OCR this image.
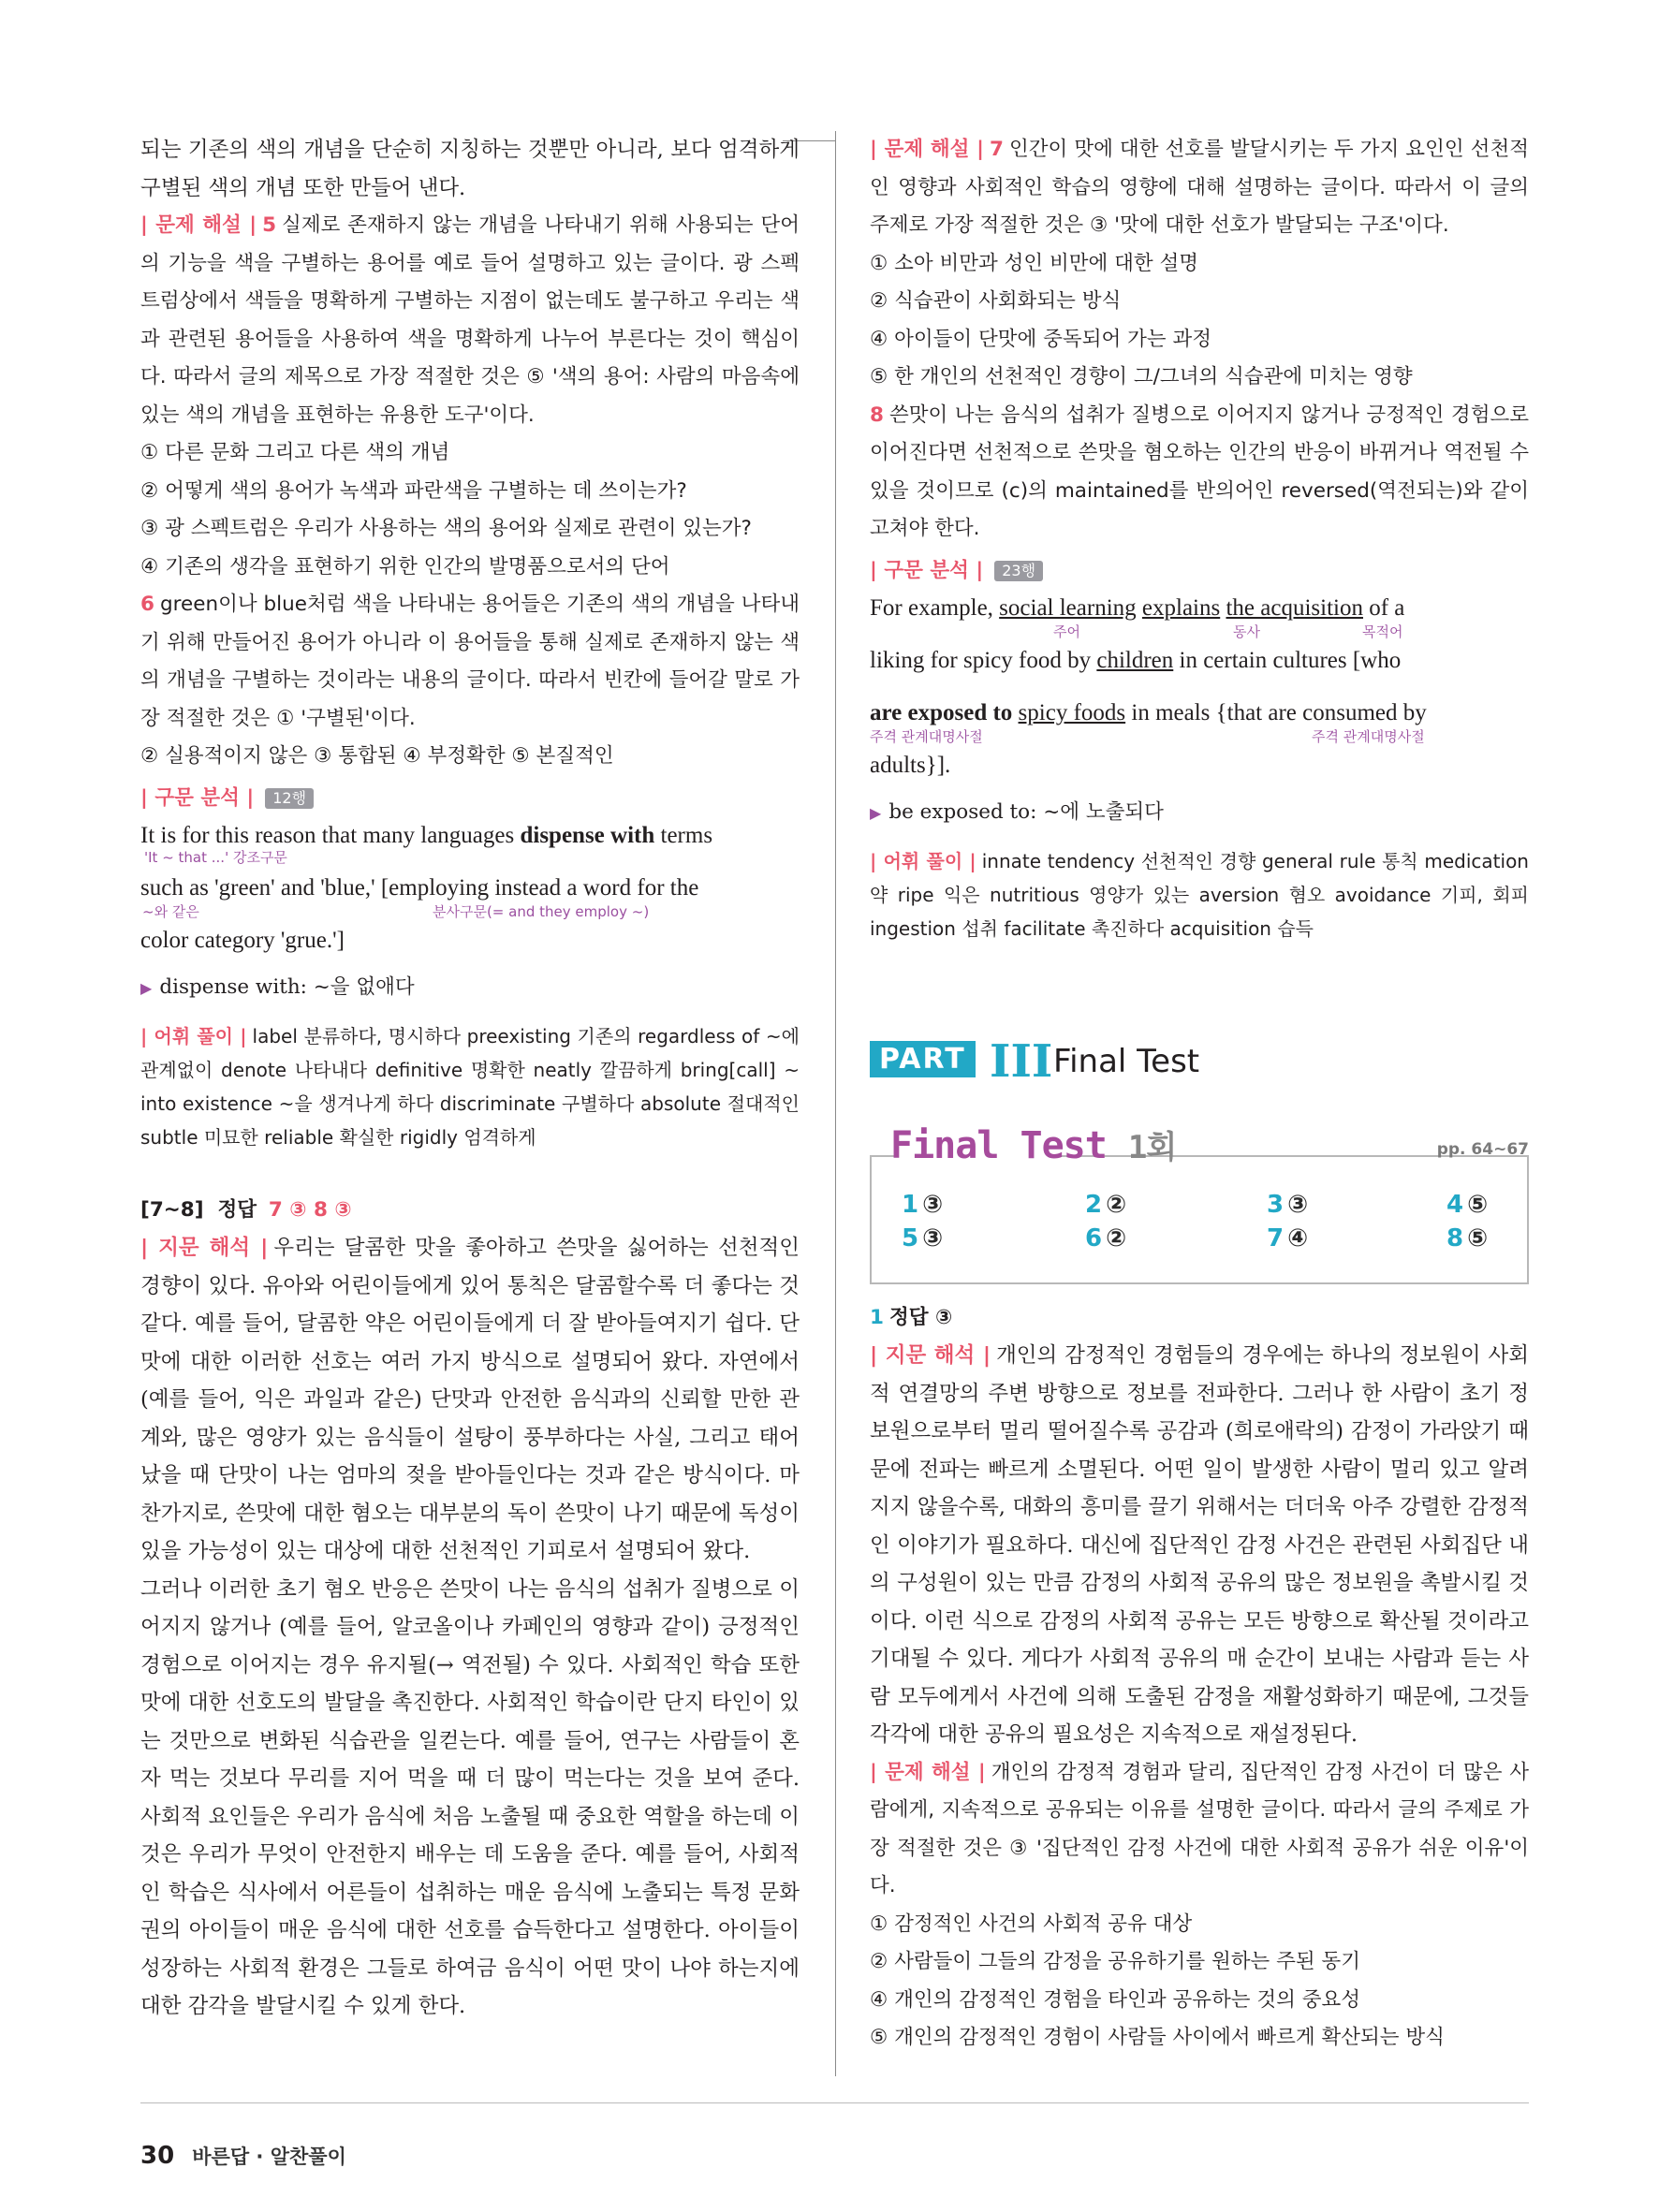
되는 기존의 색의 개념을 단순히 지칭하는 것뿐만 아니라, 보다 엄격하게 구별된 색의 개념 또한 만들어 낸다.

| 문제 해설 | 5 실제로 존재하지 않는 개념을 나타내기 위해 사용되는 단어의 기능을 색을 구별하는 용어를 예로 들어 설명하고 있는 글이다. 광 스펙트럼상에서 색들을 명확하게 구별하는 지점이 없는데도 불구하고 우리는 색과 관련된 용어들을 사용하여 색을 명확하게 나누어 부른다는 것이 핵심이다. 따라서 글의 제목으로 가장 적절한 것은 ⑤ '색의 용어: 사람의 마음속에 있는 색의 개념을 표현하는 유용한 도구'이다.

① 다른 문화 그리고 다른 색의 개념

② 어떻게 색의 용어가 녹색과 파란색을 구별하는 데 쓰이는가?

③ 광 스펙트럼은 우리가 사용하는 색의 용어와 실제로 관련이 있는가?

④ 기존의 생각을 표현하기 위한 인간의 발명품으로서의 단어

6 green이나 blue처럼 색을 나타내는 용어들은 기존의 색의 개념을 나타내기 위해 만들어진 용어가 아니라 이 용어들을 통해 실제로 존재하지 않는 색의 개념을 구별하는 것이라는 내용의 글이다. 따라서 빈칸에 들어갈 말로 가장 적절한 것은 ① '구별된'이다.

② 실용적이지 않은 ③ 통합된 ④ 부정확한 ⑤ 본질적인

| 구문 분석 | 12행

It is for this reason that many languages dispense with terms
'It ~ that ...' 강조구문
such as 'green' and 'blue,' [employing instead a word for the
~와 같은	분사구문(= and they employ ~)
color category 'grue.']

▶ dispense with: ~을 없애다

| 어휘 풀이 | label 분류하다, 명시하다 preexisting 기존의 regardless of ~에 관계없이 denote 나타내다 definitive 명확한 neatly 깔끔하게 bring[call] ~ into existence ~을 생겨나게 하다 discriminate 구별하다 absolute 절대적인 subtle 미묘한 reliable 확실한 rigidly 엄격하게

[7~8] 정답 7 ③ 8 ③

| 지문 해석 | 우리는 달콤한 맛을 좋아하고 쓴맛을 싫어하는 선천적인 경향이 있다. 유아와 어린이들에게 있어 통칙은 달콤할수록 더 좋다는 것 같다. 예를 들어, 달콤한 약은 어린이들에게 더 잘 받아들여지기 쉽다. 단맛에 대한 이러한 선호는 여러 가지 방식으로 설명되어 왔다. 자연에서 (예를 들어, 익은 과일과 같은) 단맛과 안전한 음식과의 신뢰할 만한 관계와, 많은 영양가 있는 음식들이 설탕이 풍부하다는 사실, 그리고 태어났을 때 단맛이 나는 엄마의 젖을 받아들인다는 것과 같은 방식이다. 마찬가지로, 쓴맛에 대한 혐오는 대부분의 독이 쓴맛이 나기 때문에 독성이 있을 가능성이 있는 대상에 대한 선천적인 기피로서 설명되어 왔다.

그러나 이러한 초기 혐오 반응은 쓴맛이 나는 음식의 섭취가 질병으로 이어지지 않거나 (예를 들어, 알코올이나 카페인의 영향과 같이) 긍정적인 경험으로 이어지는 경우 유지될(→ 역전될) 수 있다. 사회적인 학습 또한 맛에 대한 선호도의 발달을 촉진한다. 사회적인 학습이란 단지 타인이 있는 것만으로 변화된 식습관을 일컫는다. 예를 들어, 연구는 사람들이 혼자 먹는 것보다 무리를 지어 먹을 때 더 많이 먹는다는 것을 보여 준다. 사회적 요인들은 우리가 음식에 처음 노출될 때 중요한 역할을 하는데 이것은 우리가 무엇이 안전한지 배우는 데 도움을 준다. 예를 들어, 사회적인 학습은 식사에서 어른들이 섭취하는 매운 음식에 노출되는 특정 문화권의 아이들이 매운 음식에 대한 선호를 습득한다고 설명한다. 아이들이 성장하는 사회적 환경은 그들로 하여금 음식이 어떤 맛이 나야 하는지에 대한 감각을 발달시킬 수 있게 한다.

| 문제 해설 | 7 인간이 맛에 대한 선호를 발달시키는 두 가지 요인인 선천적인 영향과 사회적인 학습의 영향에 대해 설명하는 글이다. 따라서 이 글의 주제로 가장 적절한 것은 ③ '맛에 대한 선호가 발달되는 구조'이다.

① 소아 비만과 성인 비만에 대한 설명

② 식습관이 사회화되는 방식

④ 아이들이 단맛에 중독되어 가는 과정

⑤ 한 개인의 선천적인 경향이 그/그녀의 식습관에 미치는 영향

8 쓴맛이 나는 음식의 섭취가 질병으로 이어지지 않거나 긍정적인 경험으로 이어진다면 선천적으로 쓴맛을 혐오하는 인간의 반응이 바뀌거나 역전될 수 있을 것이므로 (c)의 maintained를 반의어인 reversed(역전되는)와 같이 고쳐야 한다.

| 구문 분석 | 23행

For example, social learning explains the acquisition of a
주어	동사	목적어
liking for spicy food by children in certain cultures [who
are exposed to spicy foods in meals {that are consumed by
주격 관계대명사절	주격 관계대명사절
adults}].

▶ be exposed to: ~에 노출되다

| 어휘 풀이 | innate tendency 선천적인 경향 general rule 통칙 medication 약 ripe 익은 nutritious 영양가 있는 aversion 혐오 avoidance 기피, 회피 ingestion 섭취 facilitate 촉진하다 acquisition 습득

PART III Final Test
Final Test 1회	pp. 64~67
1 ③	2 ②	3 ③	4 ⑤
5 ③	6 ②	7 ④	8 ⑤

1 정답 ③

| 지문 해석 | 개인의 감정적인 경험들의 경우에는 하나의 정보원이 사회적 연결망의 주변 방향으로 정보를 전파한다. 그러나 한 사람이 초기 정보원으로부터 멀리 떨어질수록 공감과 (희로애락의) 감정이 가라앉기 때문에 전파는 빠르게 소멸된다. 어떤 일이 발생한 사람이 멀리 있고 알려지지 않을수록, 대화의 흥미를 끌기 위해서는 더더욱 아주 강렬한 감정적인 이야기가 필요하다. 대신에 집단적인 감정 사건은 관련된 사회집단 내의 구성원이 있는 만큼 감정의 사회적 공유의 많은 정보원을 촉발시킬 것이다. 이런 식으로 감정의 사회적 공유는 모든 방향으로 확산될 것이라고 기대될 수 있다. 게다가 사회적 공유의 매 순간이 보내는 사람과 듣는 사람 모두에게서 사건에 의해 도출된 감정을 재활성화하기 때문에, 그것들 각각에 대한 공유의 필요성은 지속적으로 재설정된다.

| 문제 해설 | 개인의 감정적 경험과 달리, 집단적인 감정 사건이 더 많은 사람에게, 지속적으로 공유되는 이유를 설명한 글이다. 따라서 글의 주제로 가장 적절한 것은 ③ '집단적인 감정 사건에 대한 사회적 공유가 쉬운 이유'이다.

① 감정적인 사건의 사회적 공유 대상

② 사람들이 그들의 감정을 공유하기를 원하는 주된 동기

④ 개인의 감정적인 경험을 타인과 공유하는 것의 중요성

⑤ 개인의 감정적인 경험이 사람들 사이에서 빠르게 확산되는 방식

30 바른답 · 알찬풀이
